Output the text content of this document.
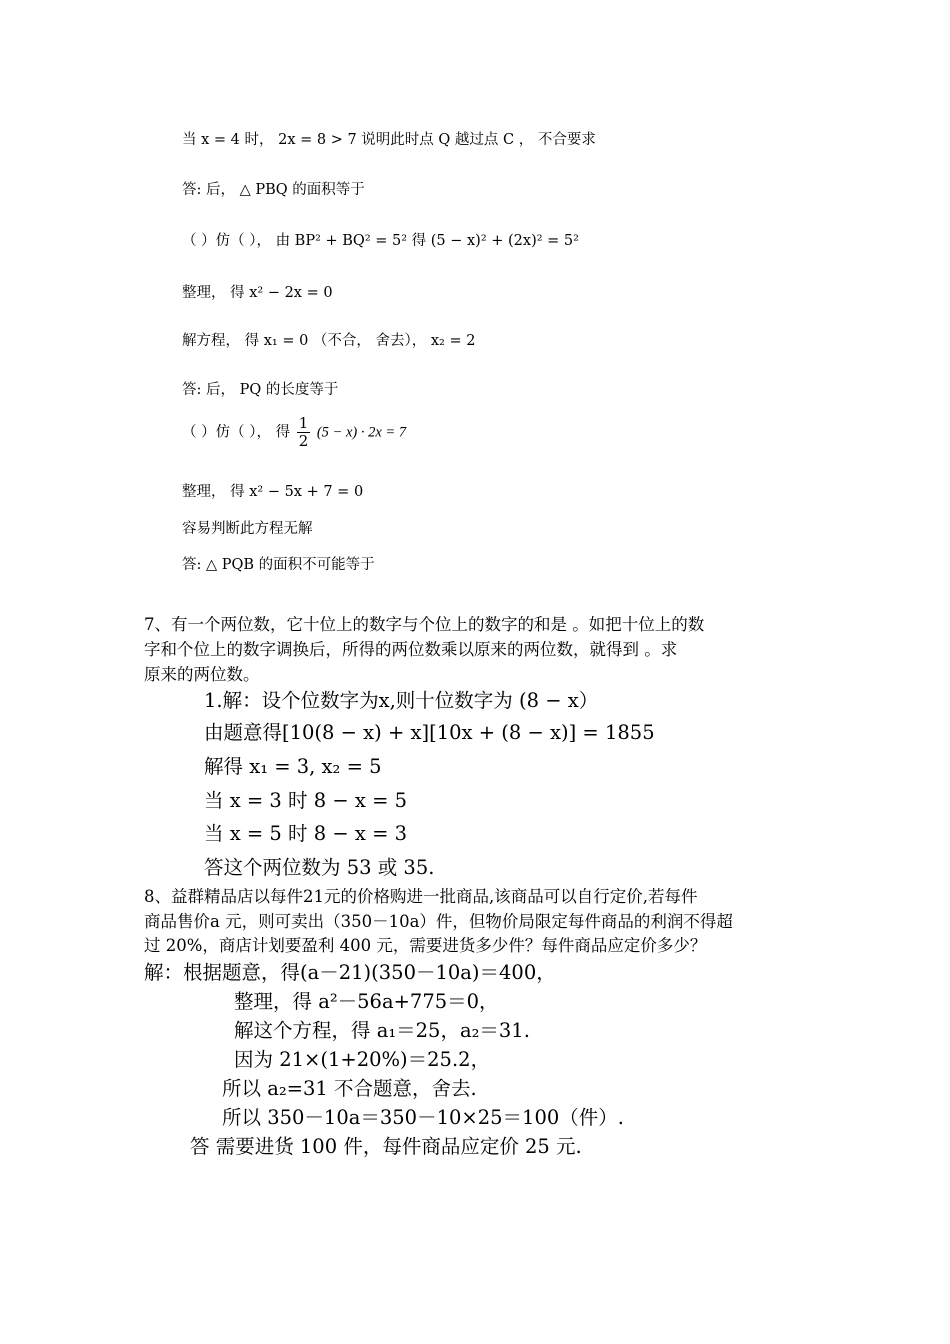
当 x = 4 时， 2x = 8 > 7 说明此时点 Q 越过点 C ， 不合要求
答: 后， △ PBQ 的面积等于
（ ）仿（ ）， 由 BP² + BQ² = 5² 得 (5 − x)² + (2x)² = 5²
整理， 得 x² − 2x = 0
解方程， 得 x₁ = 0 （不合， 舍去）， x₂ = 2
答: 后， PQ 的长度等于
（ ）仿（ ）， 得 $\frac{1}{2} (5 - x) \cdot 2x = 7$
整理， 得 x² − 5x + 7 = 0
容易判断此方程无解
答: △ PQB 的面积不可能等于
7、有一个两位数，它十位上的数字与个位上的数字的和是 。如把十位上的数
字和个位上的数字调换后，所得的两位数乘以原来的两位数，就得到 。求
原来的两位数。
1.解：设个位数字为x,则十位数字为 (8 − x）
由题意得[10(8 − x) + x][10x + (8 − x)] = 1855
解得 x₁ = 3, x₂ = 5
当 x = 3 时 8 − x = 5
当 x = 5 时 8 − x = 3
答这个两位数为 53 或 35.
8、益群精品店以每件21元的价格购进一批商品,该商品可以自行定价,若每件
商品售价a 元，则可卖出（350－10a）件，但物价局限定每件商品的利润不得超
过 20%，商店计划要盈利 400 元，需要进货多少件？每件商品应定价多少？
解：根据题意，得(a－21)(350－10a)＝400，
整理，得 a²－56a+775＝0，
解这个方程，得 a₁＝25，a₂＝31.
因为 21×(1+20%)＝25.2，
所以 a₂=31 不合题意，舍去.
所以 350－10a＝350－10×25＝100（件）.
答 需要进货 100 件，每件商品应定价 25 元.
